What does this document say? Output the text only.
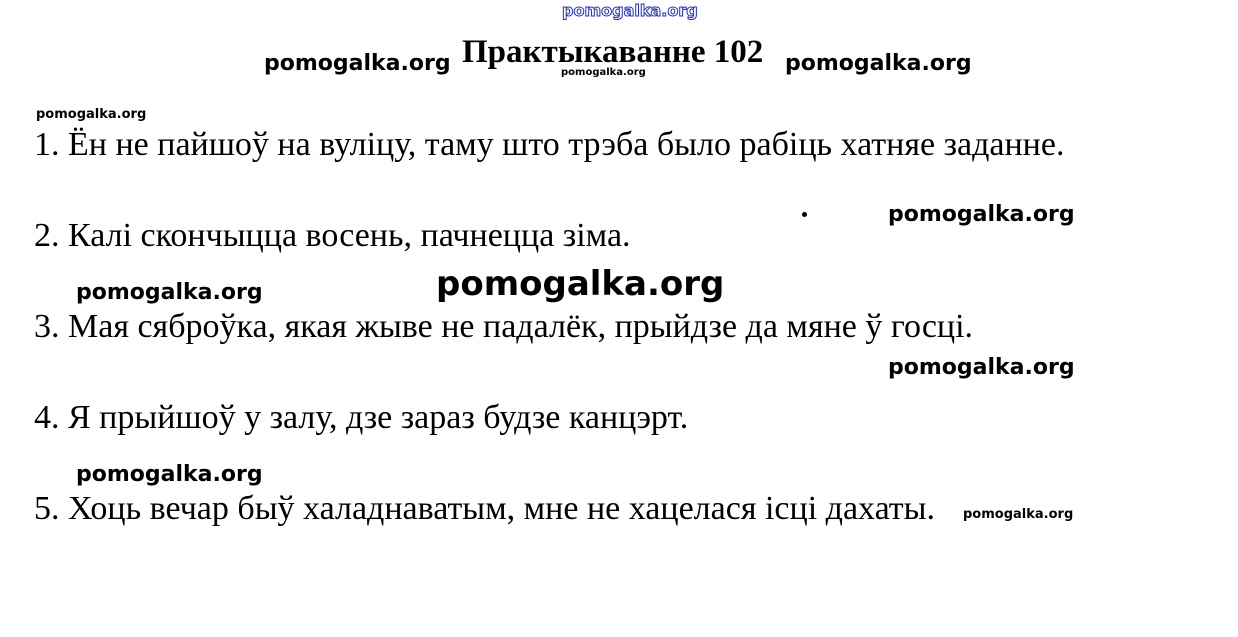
pomogalka.org
pomogalka.org	pomogalka.org
pomogalka.org
pomogalka.org
pomogalka.org
pomogalka.org	pomogalka.org
pomogalka.org
pomogalka.org
pomogalka.org
Практыкаванне 102
1. Ён не пайшоў на вуліцу, таму што трэба было рабіць хатняе заданне.
2. Калі скончыцца восень, пачнецца зіма.
3. Мая сяброўка, якая жыве не падалёк, прыйдзе да мяне ў госці.
4. Я прыйшоў у залу, дзе зараз будзе канцэрт.
5. Хоць вечар быў халаднаватым, мне не хацелася ісці дахаты.
